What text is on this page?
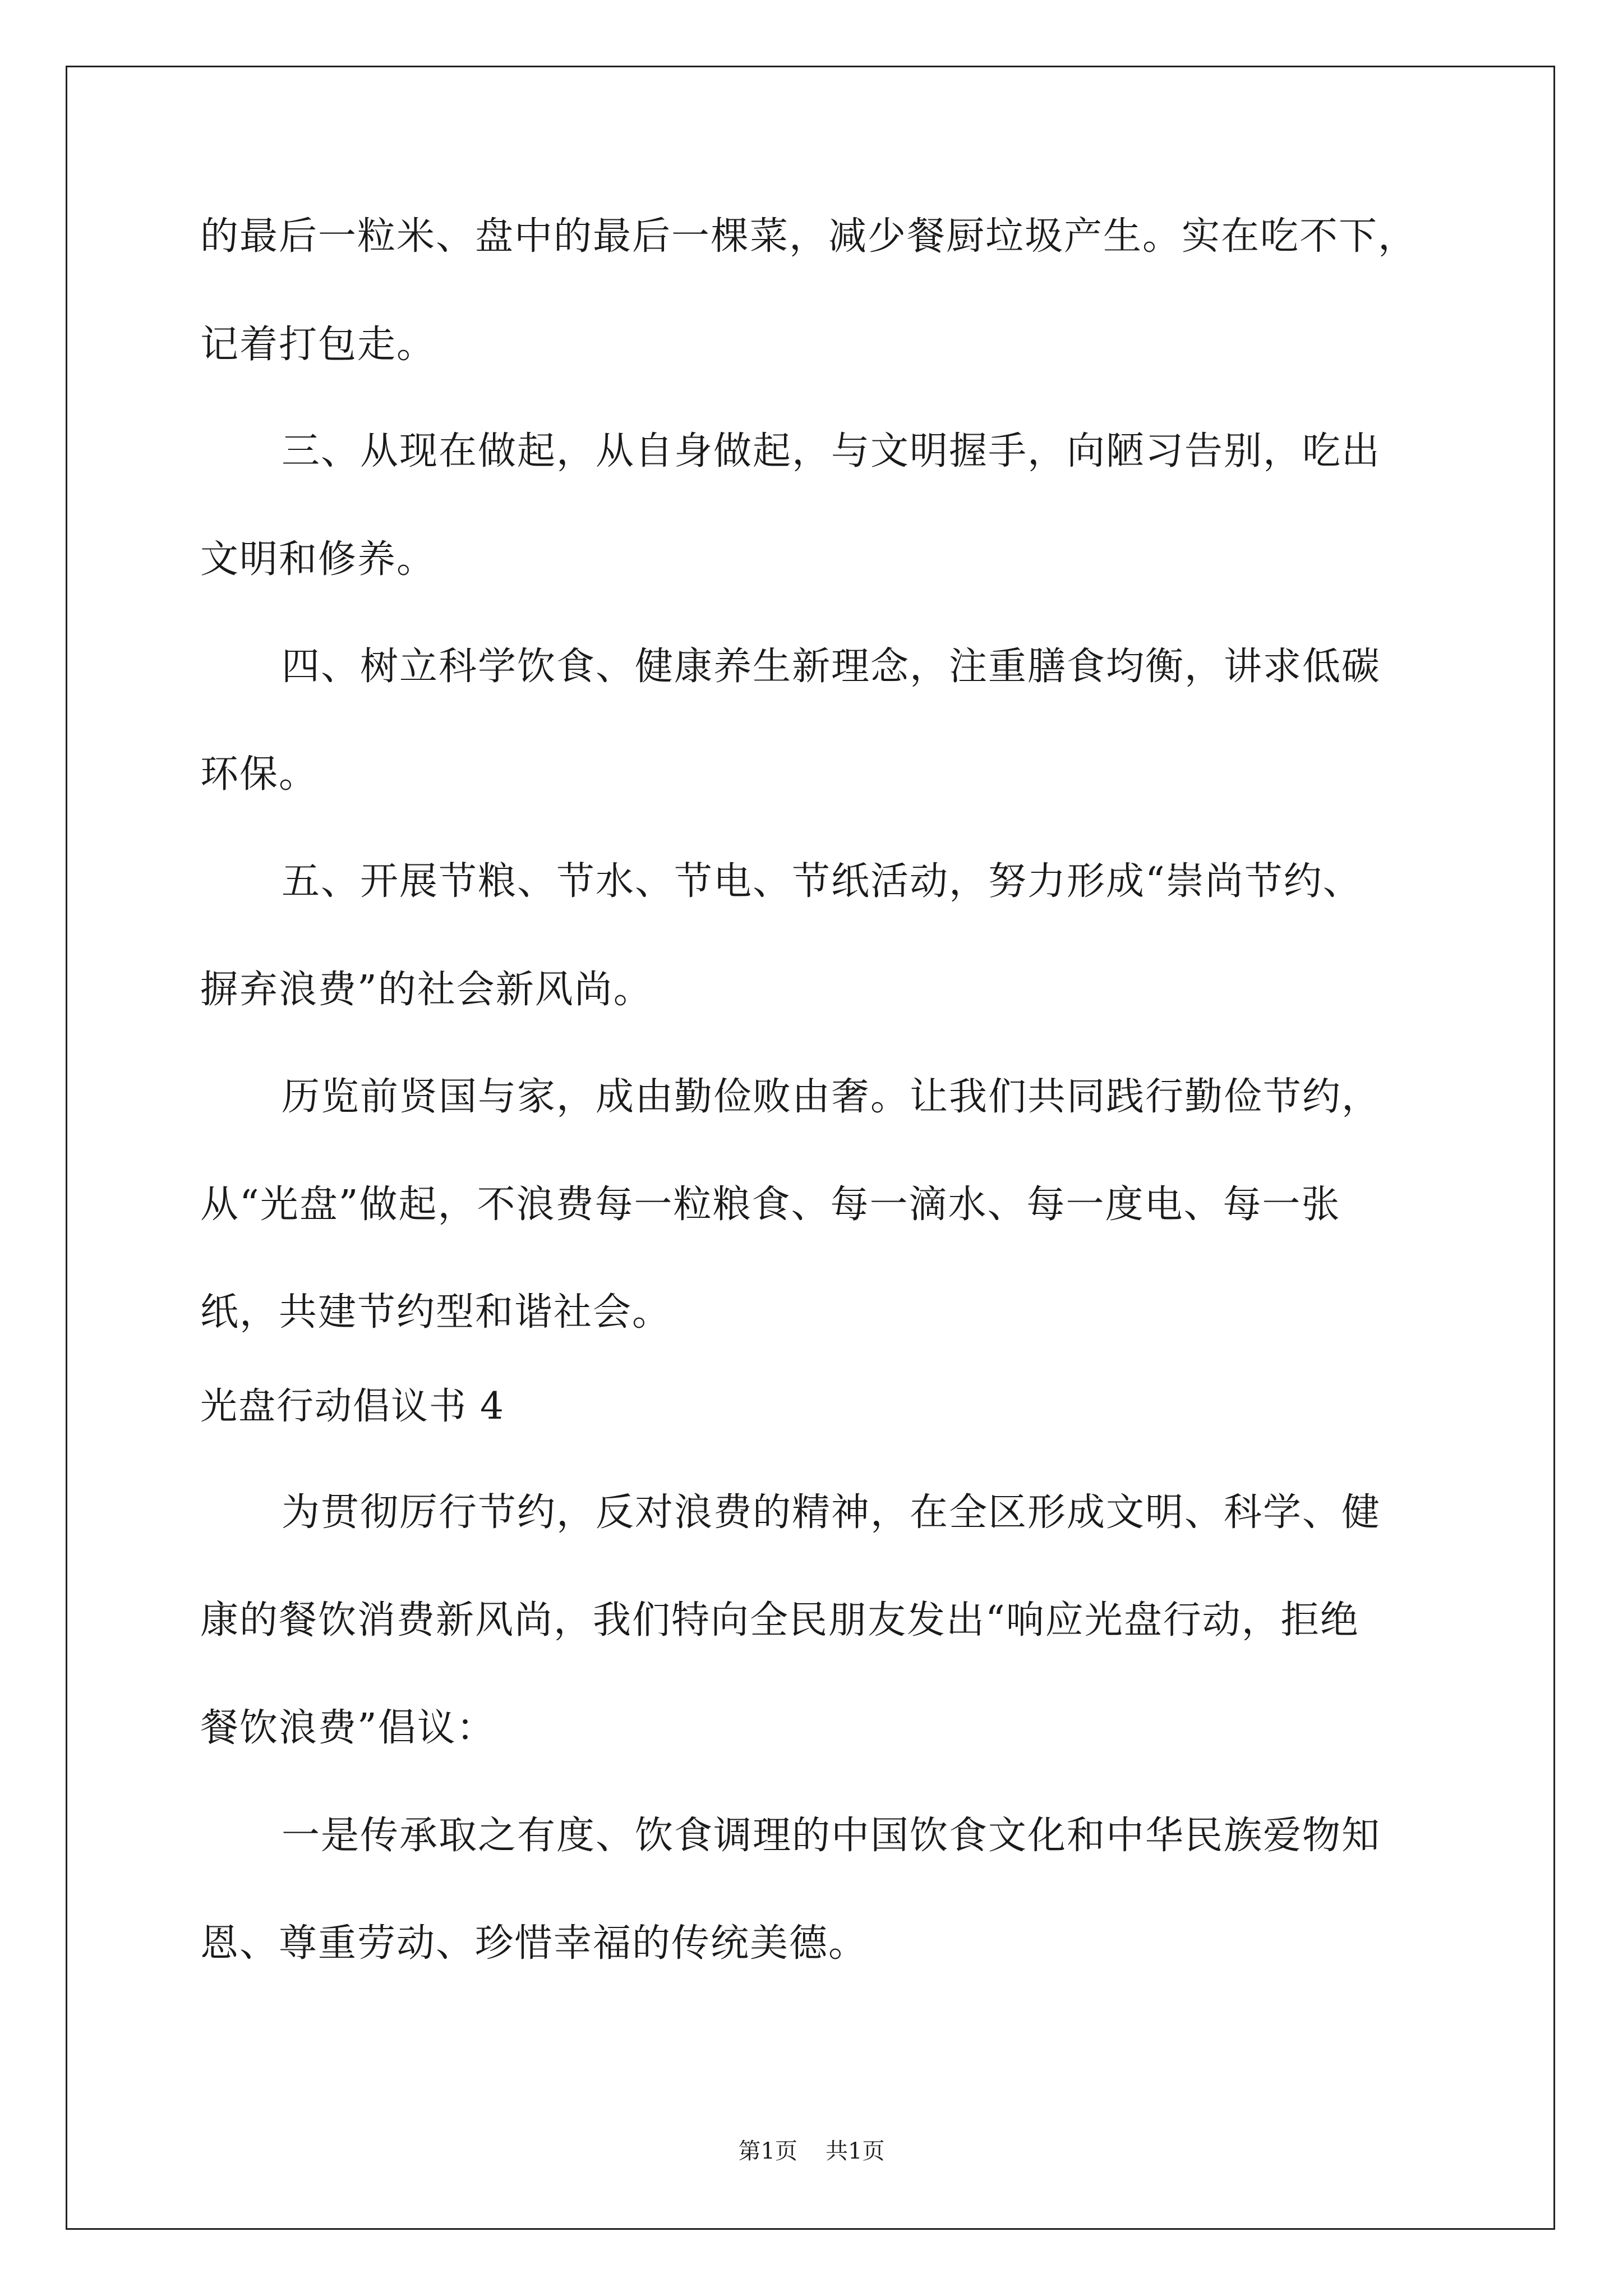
的最后一粒米、盘中的最后一棵菜，减少餐厨垃圾产生。实在吃不下，
记着打包走。
三、从现在做起，从自身做起，与文明握手，向陋习告别，吃出
文明和修养。
四、树立科学饮食、健康养生新理念，注重膳食均衡，讲求低碳
环保。
五、开展节粮、节水、节电、节纸活动，努力形成“崇尚节约、
摒弃浪费”的社会新风尚。
历览前贤国与家，成由勤俭败由奢。让我们共同践行勤俭节约，
从“光盘”做起，不浪费每一粒粮食、每一滴水、每一度电、每一张
纸，共建节约型和谐社会。
光盘行动倡议书 4
为贯彻厉行节约，反对浪费的精神，在全区形成文明、科学、健
康的餐饮消费新风尚，我们特向全民朋友发出“响应光盘行动，拒绝
餐饮浪费”倡议：
一是传承取之有度、饮食调理的中国饮食文化和中华民族爱物知
恩、尊重劳动、珍惜幸福的传统美德。
第1页 共1页
